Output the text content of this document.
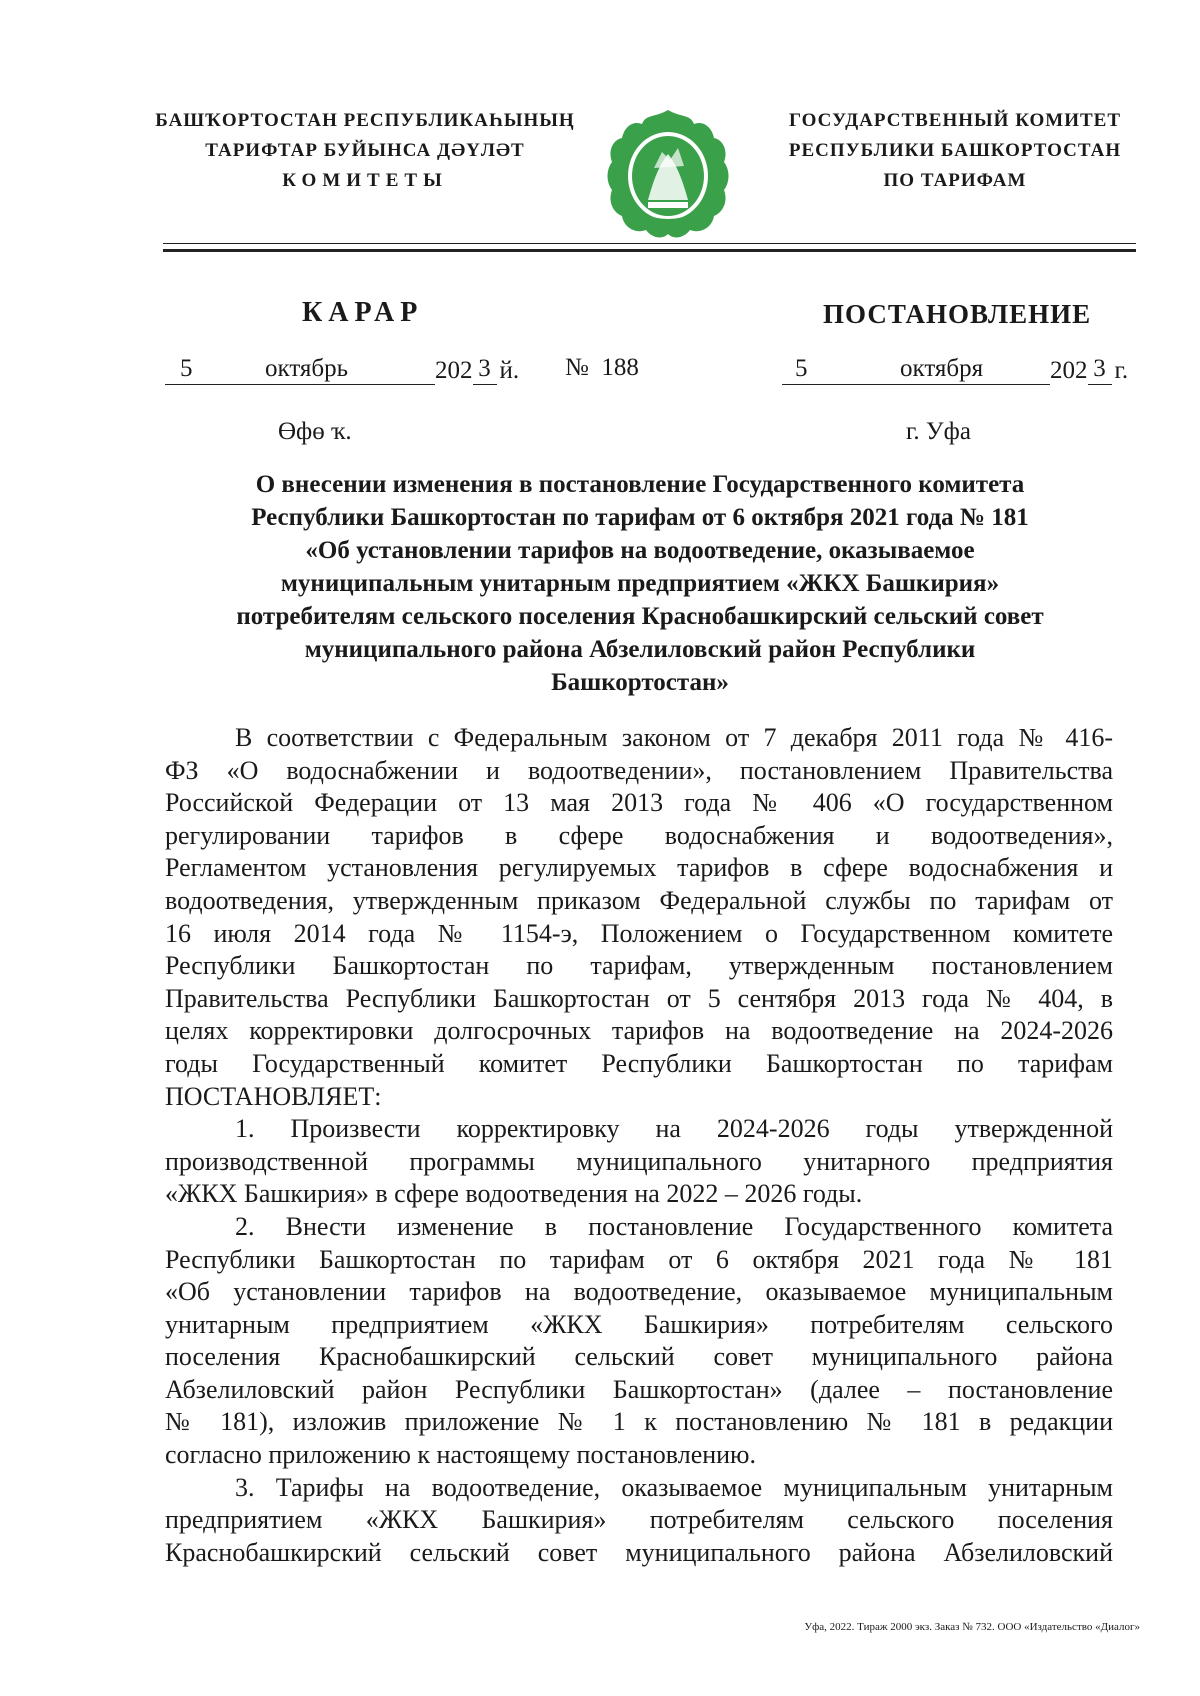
БАШҠОРТОСТАН РЕСПУБЛИКАҺЫНЫҢ
ТАРИФТАР БУЙЫНСА ДӘҮЛӘТ
КОМИТЕТЫ
ГОСУДАРСТВЕННЫЙ КОМИТЕТ
РЕСПУБЛИКИ БАШКОРТОСТАН
ПО ТАРИФАМ
КАРАР	ПОСТАНОВЛЕНИЕ
5	октябрь	202 3 й. № 188	5	октября	202 3 г.
Өфө ҡ.	г. Уфа
О внесении изменения в постановление Государственного комитета
Республики Башкортостан по тарифам от 6 октября 2021 года № 181
«Об установлении тарифов на водоотведение, оказываемое
муниципальным унитарным предприятием «ЖКХ Башкирия»
потребителям сельского поселения Краснобашкирский сельский совет
муниципального района Абзелиловский район Республики
Башкортостан»
В соответствии с Федеральным законом от 7 декабря 2011 года № 416-
ФЗ «О водоснабжении и водоотведении», постановлением Правительства
Российской Федерации от 13 мая 2013 года № 406 «О государственном
регулировании тарифов в сфере водоснабжения и водоотведения»,
Регламентом установления регулируемых тарифов в сфере водоснабжения и
водоотведения, утвержденным приказом Федеральной службы по тарифам от
16 июля 2014 года № 1154-э, Положением о Государственном комитете
Республики Башкортостан по тарифам, утвержденным постановлением
Правительства Республики Башкортостан от 5 сентября 2013 года № 404, в
целях корректировки долгосрочных тарифов на водоотведение на 2024-2026
годы Государственный комитет Республики Башкортостан по тарифам
ПОСТАНОВЛЯЕТ:
1. Произвести корректировку на 2024-2026 годы утвержденной
производственной программы муниципального унитарного предприятия
«ЖКХ Башкирия» в сфере водоотведения на 2022 – 2026 годы.
2. Внести изменение в постановление Государственного комитета
Республики Башкортостан по тарифам от 6 октября 2021 года № 181
«Об установлении тарифов на водоотведение, оказываемое муниципальным
унитарным предприятием «ЖКХ Башкирия» потребителям сельского
поселения Краснобашкирский сельский совет муниципального района
Абзелиловский район Республики Башкортостан» (далее – постановление
№ 181), изложив приложение № 1 к постановлению № 181 в редакции
согласно приложению к настоящему постановлению.
3. Тарифы на водоотведение, оказываемое муниципальным унитарным
предприятием «ЖКХ Башкирия» потребителям сельского поселения
Краснобашкирский сельский совет муниципального района Абзелиловский
Уфа, 2022. Тираж 2000 экз. Заказ № 732. ООО «Издательство «Диалог»
